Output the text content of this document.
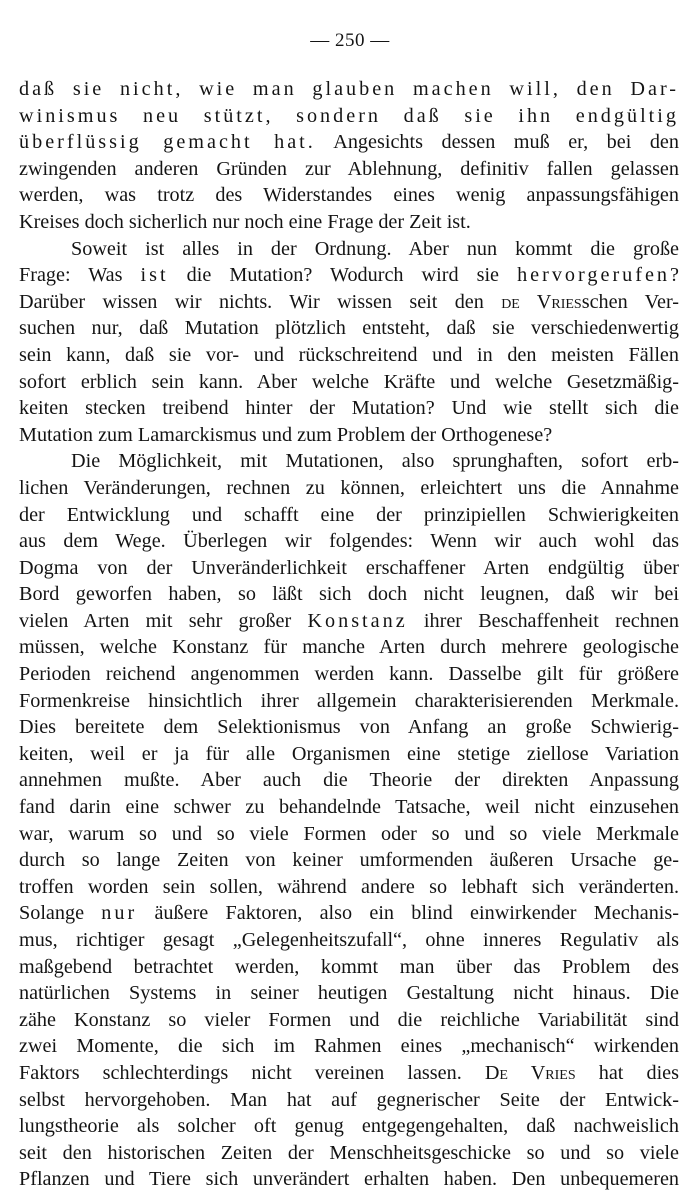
— 250 —
daß sie nicht, wie man glauben machen will, den Dar-
winismus neu stützt, sondern daß sie ihn endgültig
überflüssig gemacht hat. Angesichts dessen muß er, bei den
zwingenden anderen Gründen zur Ablehnung, definitiv fallen gelassen
werden, was trotz des Widerstandes eines wenig anpassungsfähigen
Kreises doch sicherlich nur noch eine Frage der Zeit ist.
Soweit ist alles in der Ordnung. Aber nun kommt die große
Frage: Was ist die Mutation? Wodurch wird sie hervorgerufen?
Darüber wissen wir nichts. Wir wissen seit den de Vriesschen Ver-
suchen nur, daß Mutation plötzlich entsteht, daß sie verschiedenwertig
sein kann, daß sie vor- und rückschreitend und in den meisten Fällen
sofort erblich sein kann. Aber welche Kräfte und welche Gesetzmäßig-
keiten stecken treibend hinter der Mutation? Und wie stellt sich die
Mutation zum Lamarckismus und zum Problem der Orthogenese?
Die Möglichkeit, mit Mutationen, also sprunghaften, sofort erb-
lichen Veränderungen, rechnen zu können, erleichtert uns die Annahme
der Entwicklung und schafft eine der prinzipiellen Schwierigkeiten
aus dem Wege. Überlegen wir folgendes: Wenn wir auch wohl das
Dogma von der Unveränderlichkeit erschaffener Arten endgültig über
Bord geworfen haben, so läßt sich doch nicht leugnen, daß wir bei
vielen Arten mit sehr großer Konstanz ihrer Beschaffenheit rechnen
müssen, welche Konstanz für manche Arten durch mehrere geologische
Perioden reichend angenommen werden kann. Dasselbe gilt für größere
Formenkreise hinsichtlich ihrer allgemein charakterisierenden Merkmale.
Dies bereitete dem Selektionismus von Anfang an große Schwierig-
keiten, weil er ja für alle Organismen eine stetige ziellose Variation
annehmen mußte. Aber auch die Theorie der direkten Anpassung
fand darin eine schwer zu behandelnde Tatsache, weil nicht einzusehen
war, warum so und so viele Formen oder so und so viele Merkmale
durch so lange Zeiten von keiner umformenden äußeren Ursache ge-
troffen worden sein sollen, während andere so lebhaft sich veränderten.
Solange nur äußere Faktoren, also ein blind einwirkender Mechanis-
mus, richtiger gesagt „Gelegenheitszufall“, ohne inneres Regulativ als
maßgebend betrachtet werden, kommt man über das Problem des
natürlichen Systems in seiner heutigen Gestaltung nicht hinaus. Die
zähe Konstanz so vieler Formen und die reichliche Variabilität sind
zwei Momente, die sich im Rahmen eines „mechanisch“ wirkenden
Faktors schlechterdings nicht vereinen lassen. De Vries hat dies
selbst hervorgehoben. Man hat auf gegnerischer Seite der Entwick-
lungstheorie als solcher oft genug entgegengehalten, daß nachweislich
seit den historischen Zeiten der Menschheitsgeschicke so und so viele
Pflanzen und Tiere sich unverändert erhalten haben. Den unbequemeren
